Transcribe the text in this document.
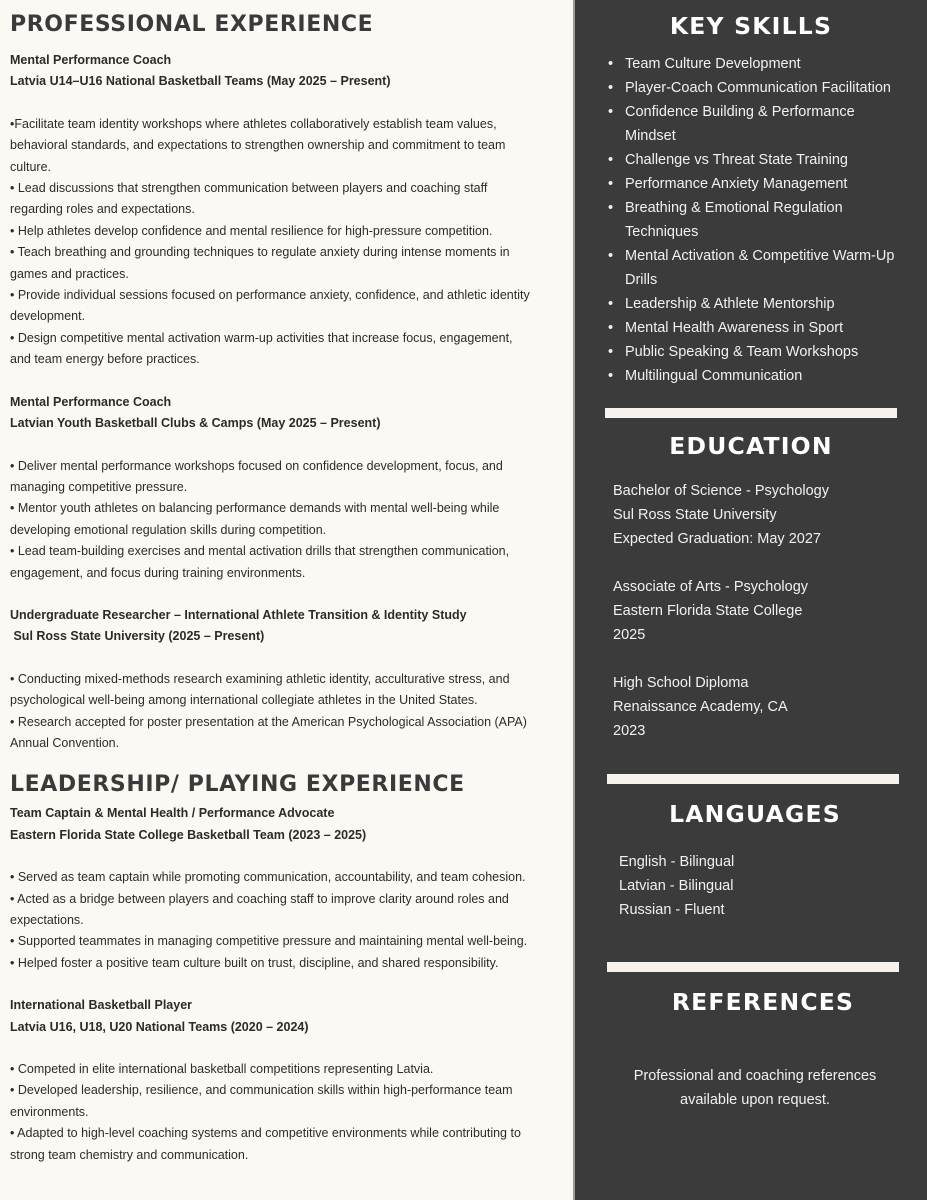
PROFESSIONAL EXPERIENCE
Mental Performance Coach
Latvia U14–U16 National Basketball Teams (May 2025 – Present)
•Facilitate team identity workshops where athletes collaboratively establish team values,
behavioral standards, and expectations to strengthen ownership and commitment to team
culture.
• Lead discussions that strengthen communication between players and coaching staff
regarding roles and expectations.
• Help athletes develop confidence and mental resilience for high-pressure competition.
• Teach breathing and grounding techniques to regulate anxiety during intense moments in
games and practices.
• Provide individual sessions focused on performance anxiety, confidence, and athletic identity
development.
• Design competitive mental activation warm-up activities that increase focus, engagement,
and team energy before practices.
Mental Performance Coach
Latvian Youth Basketball Clubs & Camps (May 2025 – Present)
• Deliver mental performance workshops focused on confidence development, focus, and
managing competitive pressure.
• Mentor youth athletes on balancing performance demands with mental well-being while
developing emotional regulation skills during competition.
• Lead team-building exercises and mental activation drills that strengthen communication,
engagement, and focus during training environments.
Undergraduate Researcher – International Athlete Transition & Identity Study
Sul Ross State University (2025 – Present)
• Conducting mixed-methods research examining athletic identity, acculturative stress, and
psychological well-being among international collegiate athletes in the United States.
• Research accepted for poster presentation at the American Psychological Association (APA)
Annual Convention.
LEADERSHIP/ PLAYING EXPERIENCE
Team Captain & Mental Health / Performance Advocate
Eastern Florida State College Basketball Team (2023 – 2025)
• Served as team captain while promoting communication, accountability, and team cohesion.
• Acted as a bridge between players and coaching staff to improve clarity around roles and
expectations.
• Supported teammates in managing competitive pressure and maintaining mental well-being.
• Helped foster a positive team culture built on trust, discipline, and shared responsibility.
International Basketball Player
Latvia U16, U18, U20 National Teams (2020 – 2024)
• Competed in elite international basketball competitions representing Latvia.
• Developed leadership, resilience, and communication skills within high-performance team
environments.
• Adapted to high-level coaching systems and competitive environments while contributing to
strong team chemistry and communication.
KEY SKILLS
• Team Culture Development
• Player-Coach Communication Facilitation
• Confidence Building & Performance Mindset
• Challenge vs Threat State Training
• Performance Anxiety Management
• Breathing & Emotional Regulation Techniques
• Mental Activation & Competitive Warm-Up Drills
• Leadership & Athlete Mentorship
• Mental Health Awareness in Sport
• Public Speaking & Team Workshops
• Multilingual Communication
EDUCATION
Bachelor of Science - Psychology
Sul Ross State University
Expected Graduation: May 2027
Associate of Arts - Psychology
Eastern Florida State College
2025
High School Diploma
Renaissance Academy, CA
2023
LANGUAGES
English - Bilingual
Latvian - Bilingual
Russian - Fluent
REFERENCES
Professional and coaching references
available upon request.
